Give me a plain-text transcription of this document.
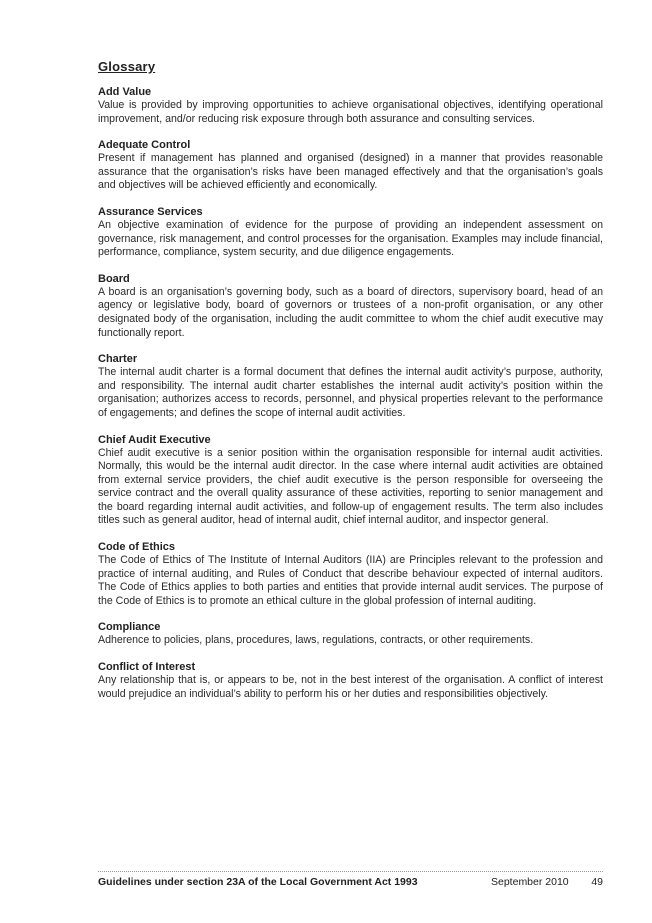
Glossary

Add Value

Value is provided by improving opportunities to achieve organisational objectives, identifying operational improvement, and/or reducing risk exposure through both assurance and consulting services.

Adequate Control

Present if management has planned and organised (designed) in a manner that provides reasonable assurance that the organisation’s risks have been managed effectively and that the organisation’s goals and objectives will be achieved efficiently and economically.

Assurance Services

An objective examination of evidence for the purpose of providing an independent assessment on governance, risk management, and control processes for the organisation. Examples may include financial, performance, compliance, system security, and due diligence engagements.

Board

A board is an organisation’s governing body, such as a board of directors, supervisory board, head of an agency or legislative body, board of governors or trustees of a non-profit organisation, or any other designated body of the organisation, including the audit committee to whom the chief audit executive may functionally report.

Charter

The internal audit charter is a formal document that defines the internal audit activity’s purpose, authority, and responsibility. The internal audit charter establishes the internal audit activity’s position within the organisation; authorizes access to records, personnel, and physical properties relevant to the performance of engagements; and defines the scope of internal audit activities.

Chief Audit Executive

Chief audit executive is a senior position within the organisation responsible for internal audit activities. Normally, this would be the internal audit director. In the case where internal audit activities are obtained from external service providers, the chief audit executive is the person responsible for overseeing the service contract and the overall quality assurance of these activities, reporting to senior management and the board regarding internal audit activities, and follow-up of engagement results. The term also includes titles such as general auditor, head of internal audit, chief internal auditor, and inspector general.

Code of Ethics

The Code of Ethics of The Institute of Internal Auditors (IIA) are Principles relevant to the profession and practice of internal auditing, and Rules of Conduct that describe behaviour expected of internal auditors. The Code of Ethics applies to both parties and entities that provide internal audit services. The purpose of the Code of Ethics is to promote an ethical culture in the global profession of internal auditing.

Compliance

Adherence to policies, plans, procedures, laws, regulations, contracts, or other requirements.

Conflict of Interest

Any relationship that is, or appears to be, not in the best interest of the organisation. A conflict of interest would prejudice an individual’s ability to perform his or her duties and responsibilities objectively.

Guidelines under section 23A of the Local Government Act 1993	September 2010 49
